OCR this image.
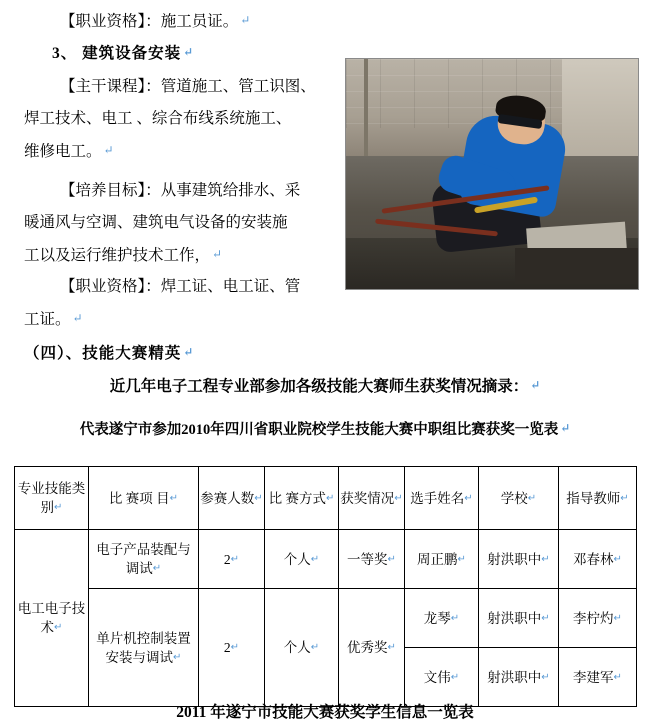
【职业资格】：施工员证。 ↵
3、 建筑设备安装 ↵
【主干课程】：管道施工、管工识图、
焊工技术、电工 、综合布线系统施工、
维修电工。 ↵
【培养目标】：从事建筑给排水、采
暖通风与空调、建筑电气设备的安装施
工以及运行维护技术工作， ↵
【职业资格】：焊工证、电工证、管
工证。 ↵
（四）、技能大赛精英 ↵
近几年电子工程专业部参加各级技能大赛师生获奖情况摘录： ↵
代表遂宁市参加2010年四川省职业院校学生技能大赛中职组比赛获奖一览表 ↵
专业技能类别↵	比 赛项 目↵	参赛人数↵	比 赛方式↵	获奖情况↵	选手姓名↵	学校↵	指导教师↵
电工电子技术↵	电子产品装配与调试↵	2↵	个人↵	一等奖↵	周正鹏↵	射洪职中↵	邓春林↵
	单片机控制装置安装与调试↵	2↵	个人↵	优秀奖↵	龙琴↵	射洪职中↵	李柠灼↵
					文伟↵	射洪职中↵	李建军↵
2011 年遂宁市技能大赛获奖学生信息一览表
